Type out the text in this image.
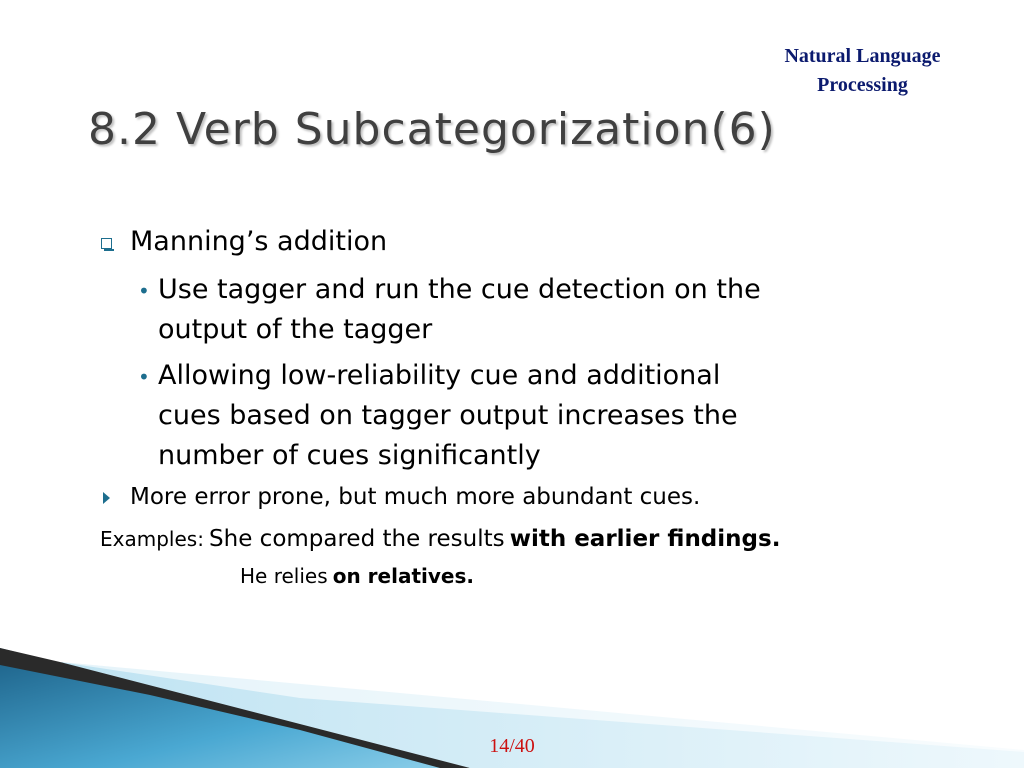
Natural Language
Processing
8.2 Verb Subcategorization(6)
Manning’s addition
• Use tagger and run the cue detection on the
output of the tagger
• Allowing low-reliability cue and additional
cues based on tagger output increases the
number of cues significantly
More error prone, but much more abundant cues.
Examples: She compared the results with earlier findings.
He relies on relatives.
14/40
